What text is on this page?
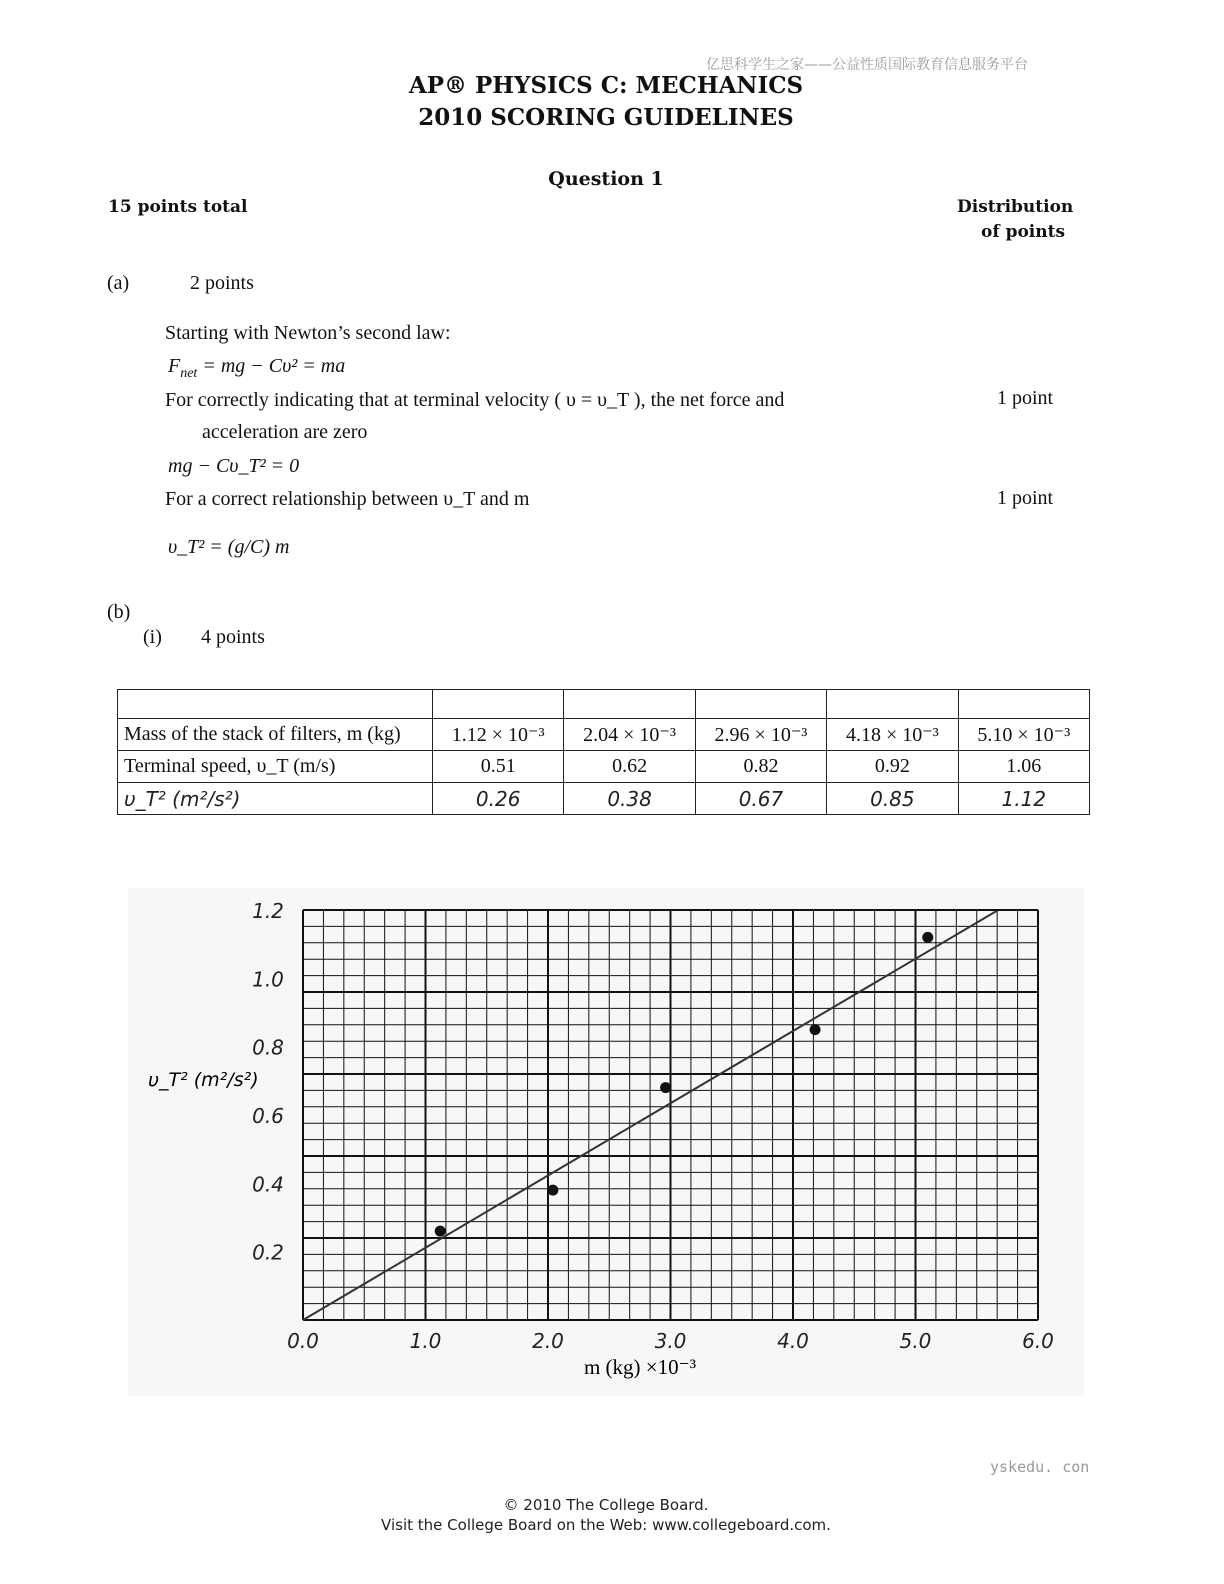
亿思科学生之家——公益性质国际教育信息服务平台
AP® PHYSICS C: MECHANICS
2010 SCORING GUIDELINES
Question 1
15 points total	Distribution
of points
(a)	2 points
Starting with Newton’s second law:
$F_{net}$ = mg − Cυ² = ma
For correctly indicating that at terminal velocity ( υ = υ_T ), the net force and
acceleration are zero
1 point
mg − Cυ_T² = 0
For a correct relationship between υ_T and m	1 point
υ_T² = (g/C) m
(b)
(i) 4 points

Mass of the stack of filters, m (kg)	1.12 × 10⁻³	2.04 × 10⁻³	2.96 × 10⁻³	4.18 × 10⁻³	5.10 × 10⁻³
Terminal speed, υ_T (m/s)	0.51	0.62	0.82	0.92	1.06
υ_T² (m²/s²)	0.26	0.38	0.67	0.85	1.12
0.0	1.0	2.0	3.0	4.0	5.0	6.0
0.2
0.4
0.6
0.8
1.0
1.2
m (kg) ×10⁻³
υ_T² (m²/s²)
yskedu. con
© 2010 The College Board.
Visit the College Board on the Web: www.collegeboard.com.
